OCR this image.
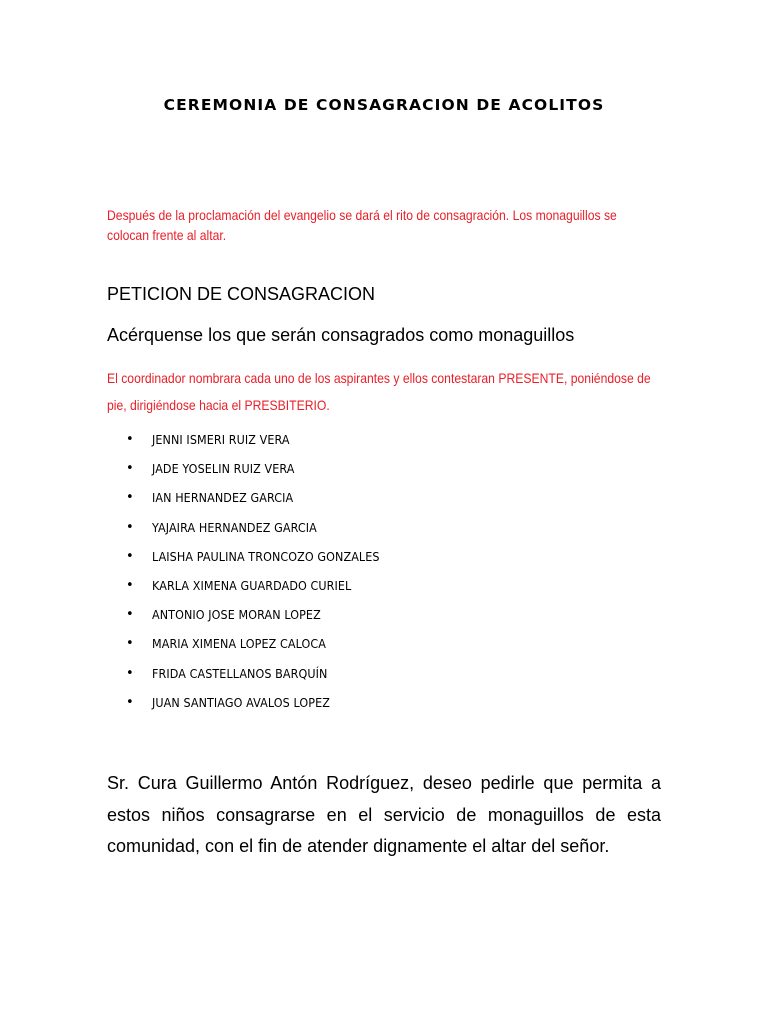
CEREMONIA DE CONSAGRACION DE ACOLITOS
Después de la proclamación del evangelio se dará el rito de consagración. Los monaguillos se colocan frente al altar.
PETICION DE CONSAGRACION
Acérquense los que serán consagrados como monaguillos
El coordinador nombrara cada uno de los aspirantes y ellos contestaran PRESENTE, poniéndose de pie, dirigiéndose hacia el PRESBITERIO.
• JENNI ISMERI RUIZ VERA
• JADE YOSELIN RUIZ VERA
• IAN HERNANDEZ GARCIA
• YAJAIRA HERNANDEZ GARCIA
• LAISHA PAULINA TRONCOZO GONZALES
• KARLA XIMENA GUARDADO CURIEL
• ANTONIO JOSE MORAN LOPEZ
• MARIA XIMENA LOPEZ CALOCA
• FRIDA CASTELLANOS BARQUÍN
• JUAN SANTIAGO AVALOS LOPEZ

Sr. Cura Guillermo Antón Rodríguez, deseo pedirle que permita a estos niños consagrarse en el servicio de monaguillos de esta comunidad, con el fin de atender dignamente el altar del señor.
